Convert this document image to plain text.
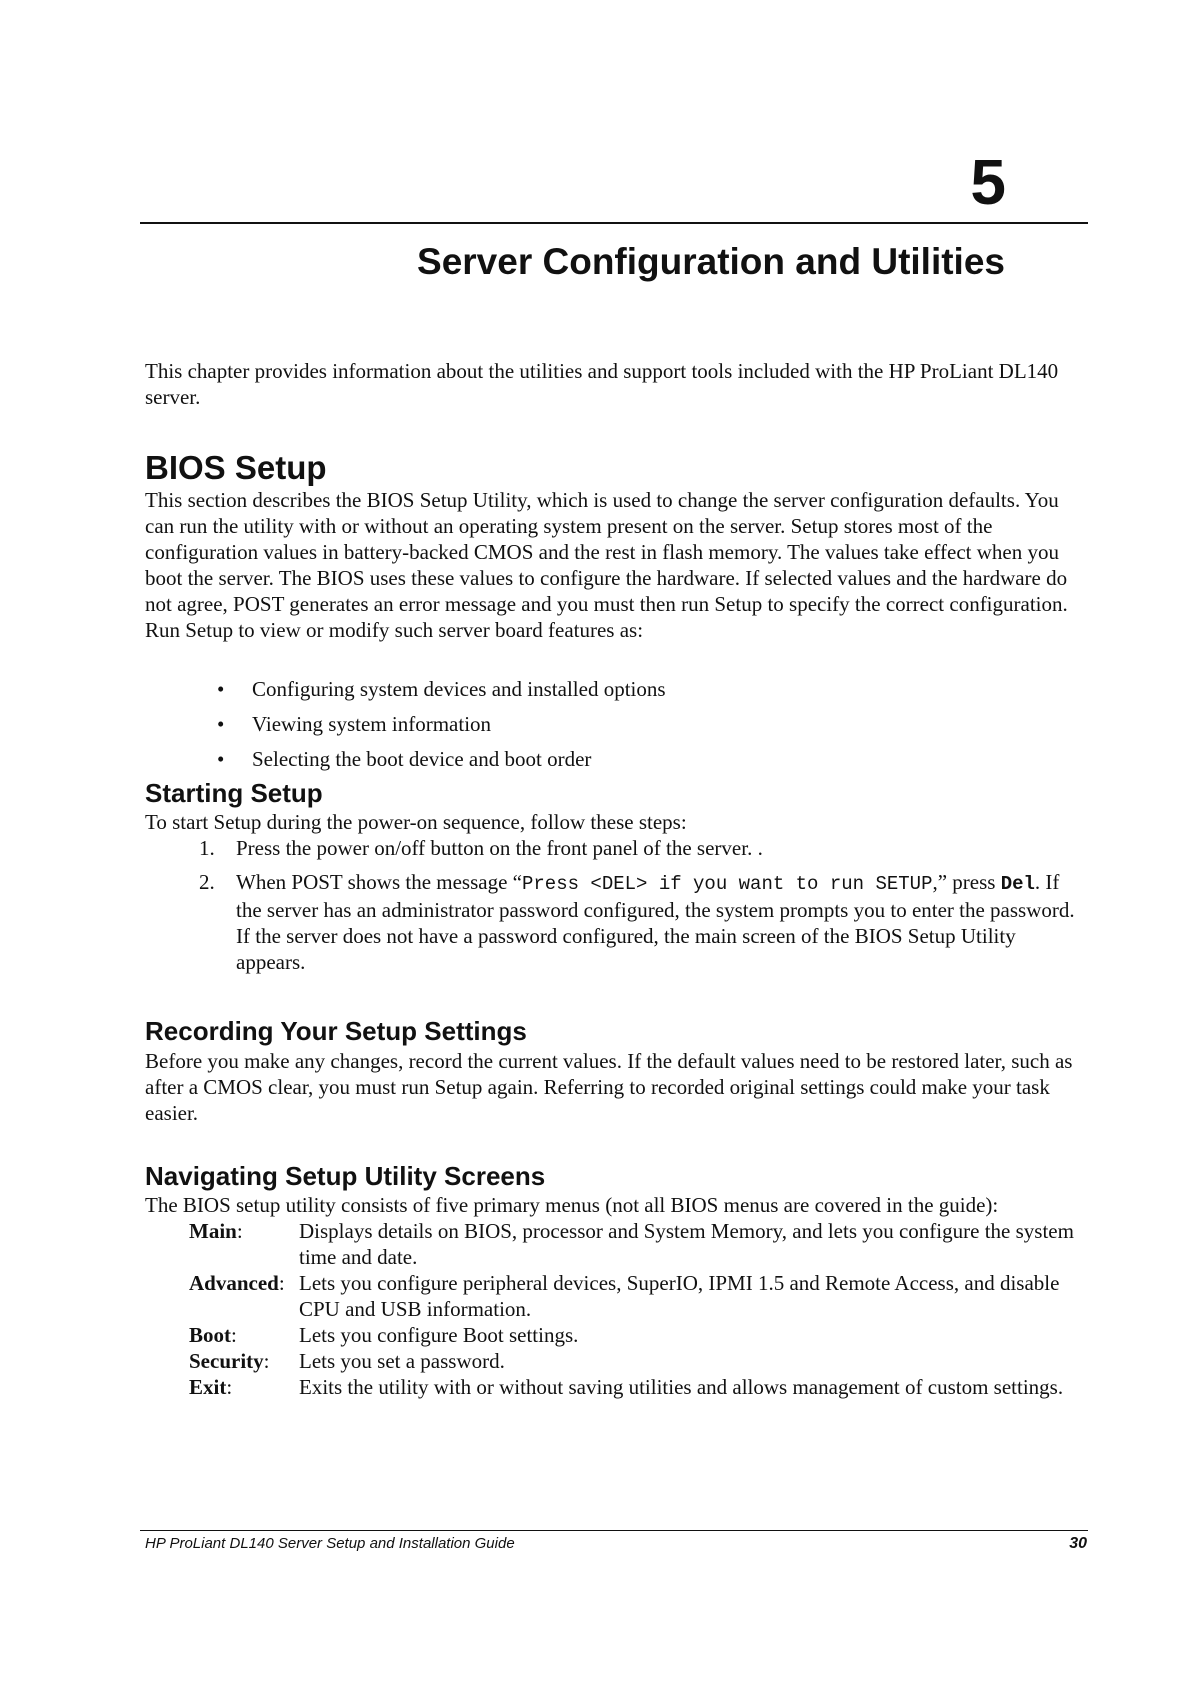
5
Server Configuration and Utilities
This chapter provides information about the utilities and support tools included with the HP ProLiant DL140 server.
BIOS Setup
This section describes the BIOS Setup Utility, which is used to change the server configuration defaults. You can run the utility with or without an operating system present on the server. Setup stores most of the configuration values in battery-backed CMOS and the rest in flash memory. The values take effect when you boot the server. The BIOS uses these values to configure the hardware. If selected values and the hardware do not agree, POST generates an error message and you must then run Setup to specify the correct configuration.
Run Setup to view or modify such server board features as:
• Configuring system devices and installed options
• Viewing system information
• Selecting the boot device and boot order
Starting Setup
To start Setup during the power-on sequence, follow these steps:
1. Press the power on/off button on the front panel of the server. .
2. When POST shows the message “Press <DEL> if you want to run SETUP,” press Del. If the server has an administrator password configured, the system prompts you to enter the password. If the server does not have a password configured, the main screen of the BIOS Setup Utility appears.
Recording Your Setup Settings
Before you make any changes, record the current values. If the default values need to be restored later, such as after a CMOS clear, you must run Setup again. Referring to recorded original settings could make your task easier.
Navigating Setup Utility Screens
The BIOS setup utility consists of five primary menus (not all BIOS menus are covered in the guide):
Main:	Displays details on BIOS, processor and System Memory, and lets you configure the system time and date.
Advanced: Lets you configure peripheral devices, SuperIO, IPMI 1.5 and Remote Access, and disable CPU and USB information.
Boot:	Lets you configure Boot settings.
Security:	Lets you set a password.
Exit:	Exits the utility with or without saving utilities and allows management of custom settings.
HP ProLiant DL140 Server Setup and Installation Guide	30
